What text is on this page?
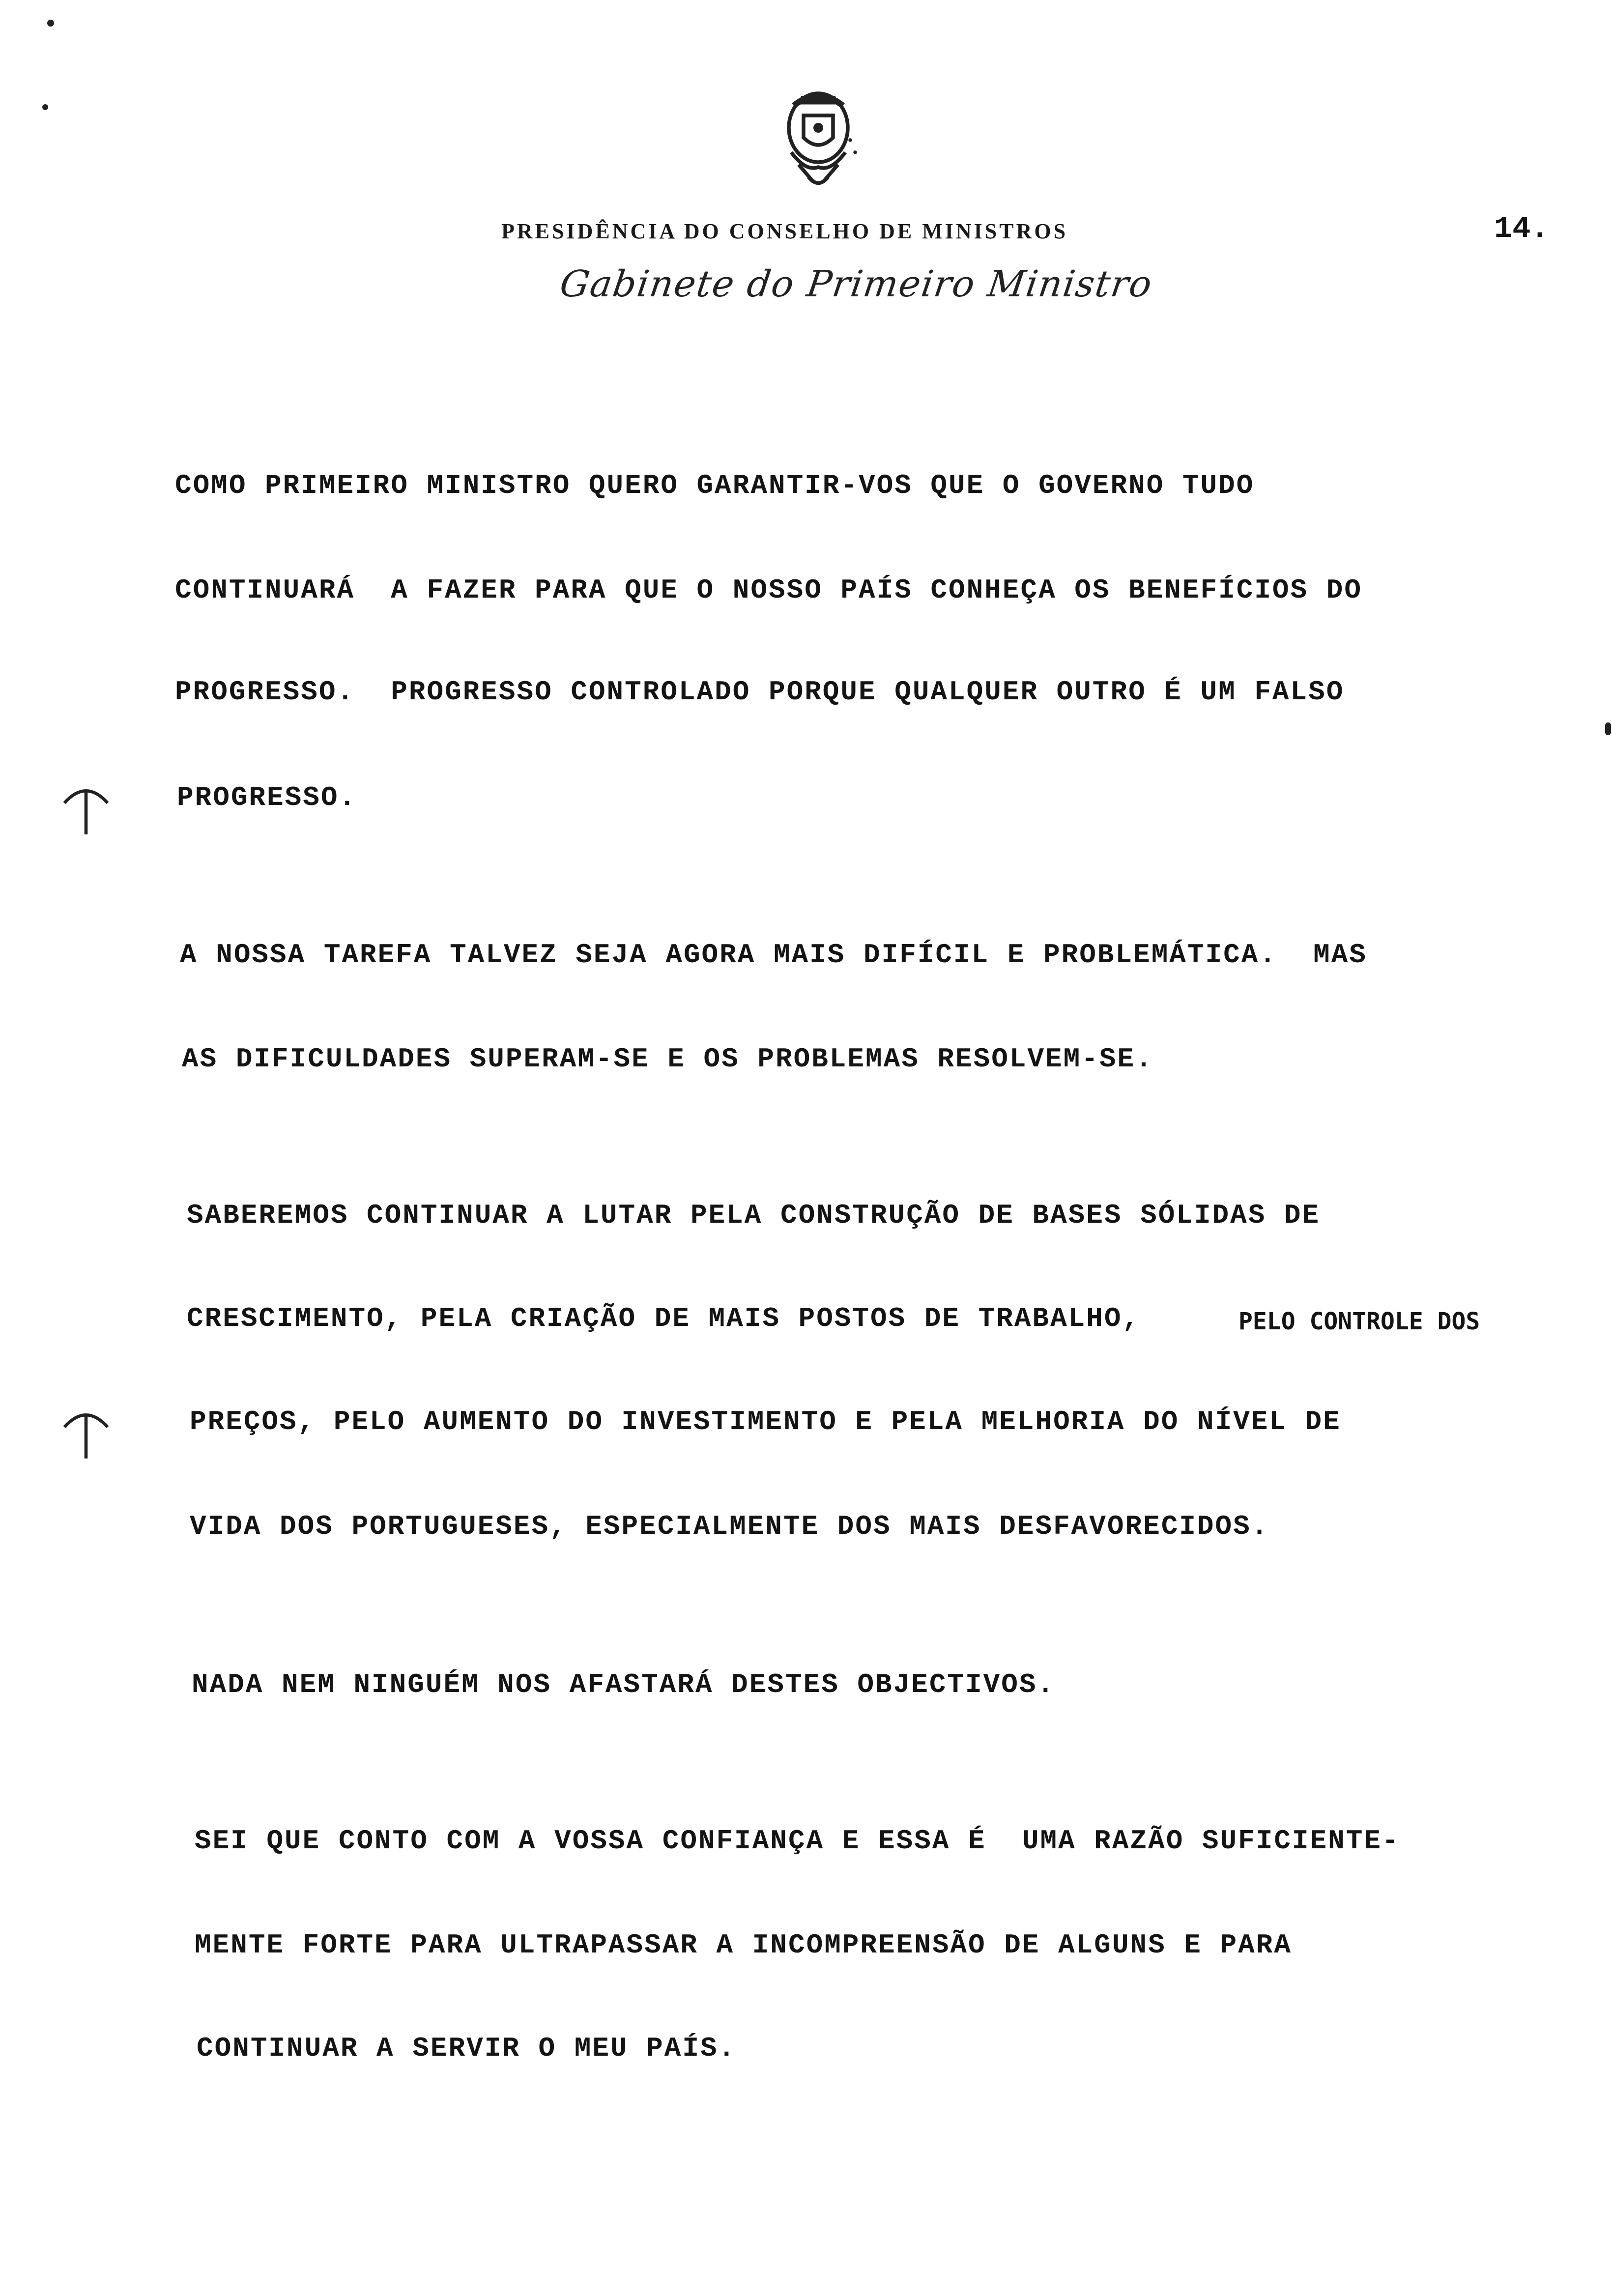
PRESIDÊNCIA DO CONSELHO DE MINISTROS	14.
Gabinete do Primeiro Ministro
COMO PRIMEIRO MINISTRO QUERO GARANTIR-VOS QUE O GOVERNO TUDO
CONTINUARÁ  A FAZER PARA QUE O NOSSO PAÍS CONHEÇA OS BENEFÍCIOS DO
PROGRESSO.  PROGRESSO CONTROLADO PORQUE QUALQUER OUTRO É UM FALSO
PROGRESSO.
A NOSSA TAREFA TALVEZ SEJA AGORA MAIS DIFÍCIL E PROBLEMÁTICA.  MAS
AS DIFICULDADES SUPERAM-SE E OS PROBLEMAS RESOLVEM-SE.
SABEREMOS CONTINUAR A LUTAR PELA CONSTRUÇÃO DE BASES SÓLIDAS DE
CRESCIMENTO, PELA CRIAÇÃO DE MAIS POSTOS DE TRABALHO,	PELO CONTROLE DOS
PREÇOS, PELO AUMENTO DO INVESTIMENTO E PELA MELHORIA DO NÍVEL DE
VIDA DOS PORTUGUESES, ESPECIALMENTE DOS MAIS DESFAVORECIDOS.
NADA NEM NINGUÉM NOS AFASTARÁ DESTES OBJECTIVOS.
SEI QUE CONTO COM A VOSSA CONFIANÇA E ESSA É  UMA RAZÃO SUFICIENTE-
MENTE FORTE PARA ULTRAPASSAR A INCOMPREENSÃO DE ALGUNS E PARA
CONTINUAR A SERVIR O MEU PAÍS.
